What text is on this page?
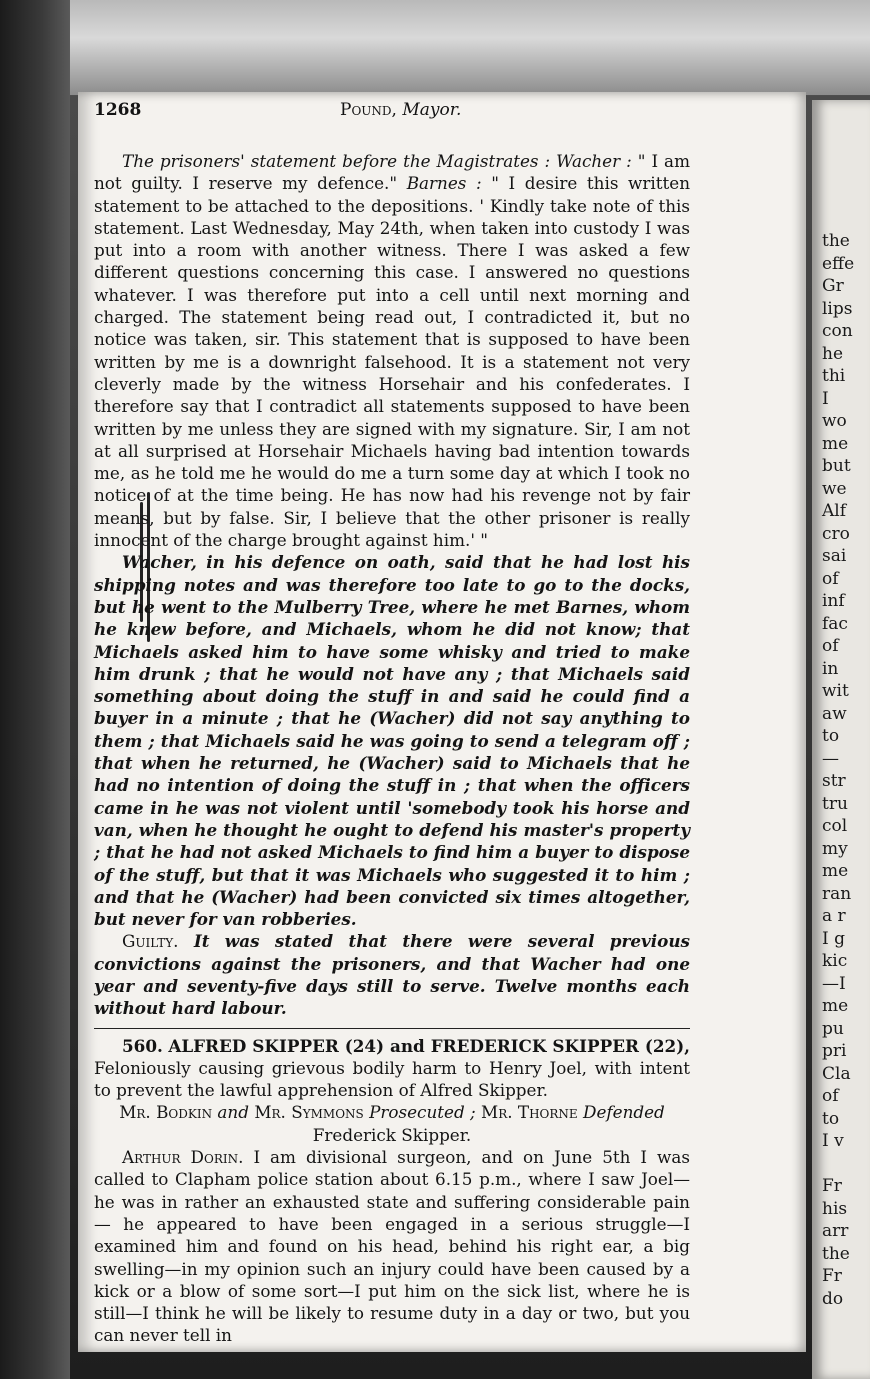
the
effe
Gr
lips
con
he
thi
I
wo
me
but
we
Alf
cro
sai
of
inf
fac
of
in
wit
aw
to
—
str
tru
col
my
me
ran
a r
I g
kic
—I
me
pu
pri
Cla
of
to
I v

Fr
his
arr
the
Fr
do
1268	Pound, Mayor.

The prisoners' statement before the Magistrates : Wacher : " I am not guilty. I reserve my defence." Barnes : " I desire this written statement to be attached to the depositions. ' Kindly take note of this statement. Last Wednesday, May 24th, when taken into custody I was put into a room with another witness. There I was asked a few different questions concerning this case. I answered no questions whatever. I was therefore put into a cell until next morning and charged. The statement being read out, I contradicted it, but no notice was taken, sir. This statement that is supposed to have been written by me is a downright falsehood. It is a statement not very cleverly made by the witness Horsehair and his confederates. I therefore say that I contradict all statements supposed to have been written by me unless they are signed with my signature. Sir, I am not at all surprised at Horsehair Michaels having bad intention towards me, as he told me he would do me a turn some day at which I took no notice of at the time being. He has now had his revenge not by fair means, but by false. Sir, I believe that the other prisoner is really innocent of the charge brought against him.' "

Wacher, in his defence on oath, said that he had lost his shipping notes and was therefore too late to go to the docks, but he went to the Mulberry Tree, where he met Barnes, whom he knew before, and Michaels, whom he did not know; that Michaels asked him to have some whisky and tried to make him drunk ; that he would not have any ; that Michaels said something about doing the stuff in and said he could find a buyer in a minute ; that he (Wacher) did not say anything to them ; that Michaels said he was going to send a telegram off ; that when he returned, he (Wacher) said to Michaels that he had no intention of doing the stuff in ; that when the officers came in he was not violent until 'somebody took his horse and van, when he thought he ought to defend his master's property ; that he had not asked Michaels to find him a buyer to dispose of the stuff, but that it was Michaels who suggested it to him ; and that he (Wacher) had been convicted six times altogether, but never for van robberies.

Guilty. It was stated that there were several previous convictions against the prisoners, and that Wacher had one year and seventy-five days still to serve. Twelve months each without hard labour.

560. ALFRED SKIPPER (24) and FREDERICK SKIPPER (22), Feloniously causing grievous bodily harm to Henry Joel, with intent to prevent the lawful apprehension of Alfred Skipper.
Mr. Bodkin and Mr. Symmons Prosecuted ; Mr. Thorne Defended
Frederick Skipper.

Arthur Dorin. I am divisional surgeon, and on June 5th I was called to Clapham police station about 6.15 p.m., where I saw Joel— he was in rather an exhausted state and suffering considerable pain— he appeared to have been engaged in a serious struggle—I examined him and found on his head, behind his right ear, a big swelling—in my opinion such an injury could have been caused by a kick or a blow of some sort—I put him on the sick list, where he is still—I think he will be likely to resume duty in a day or two, but you can never tell in
